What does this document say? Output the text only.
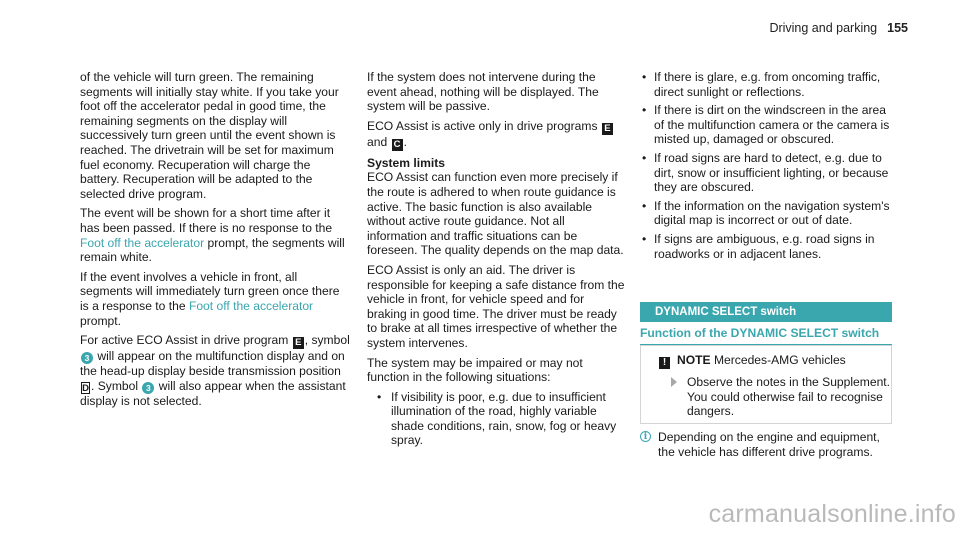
Driving and parking 155

of the vehicle will turn green. The remaining segments will initially stay white. If you take your foot off the accelerator pedal in good time, the remaining segments on the display will successively turn green until the event shown is reached. The drivetrain will be set for maximum fuel economy. Recuperation will charge the battery. Recuperation will be adapted to the selected drive program.

The event will be shown for a short time after it has been passed. If there is no response to the Foot off the accelerator prompt, the segments will remain white.

If the event involves a vehicle in front, all segments will immediately turn green once there is a response to the Foot off the accelerator prompt.

For active ECO Assist in drive program E , symbol 3 will appear on the multifunction display and on the head-up display beside transmission position D . Symbol 3 will also appear when the assistant display is not selected.

If the system does not intervene during the event ahead, nothing will be displayed. The system will be passive.

ECO Assist is active only in drive programs E
and C .

System limits

ECO Assist can function even more precisely if the route is adhered to when route guidance is active. The basic function is also available without active route guidance. Not all information and traffic situations can be foreseen. The quality depends on the map data.

ECO Assist is only an aid. The driver is responsible for keeping a safe distance from the vehicle in front, for vehicle speed and for braking in good time. The driver must be ready to brake at all times irrespective of whether the system intervenes.

The system may be impaired or may not function in the following situations:

• If visibility is poor, e.g. due to insufficient illumination of the road, highly variable shade conditions, rain, snow, fog or heavy spray.
• If there is glare, e.g. from oncoming traffic, direct sunlight or reflections.
• If there is dirt on the windscreen in the area of the multifunction camera or the camera is misted up, damaged or obscured.
• If road signs are hard to detect, e.g. due to dirt, snow or insufficient lighting, or because they are obscured.
• If the information on the navigation system's digital map is incorrect or out of date.
• If signs are ambiguous, e.g. road signs in roadworks or in adjacent lanes.
DYNAMIC SELECT switch
Function of the DYNAMIC SELECT switch
! NOTE Mercedes-AMG vehicles
Observe the notes in the Supplement. You could otherwise fail to recognise dangers.
i Depending on the engine and equipment, the vehicle has different drive programs.
carmanualsonline.info
